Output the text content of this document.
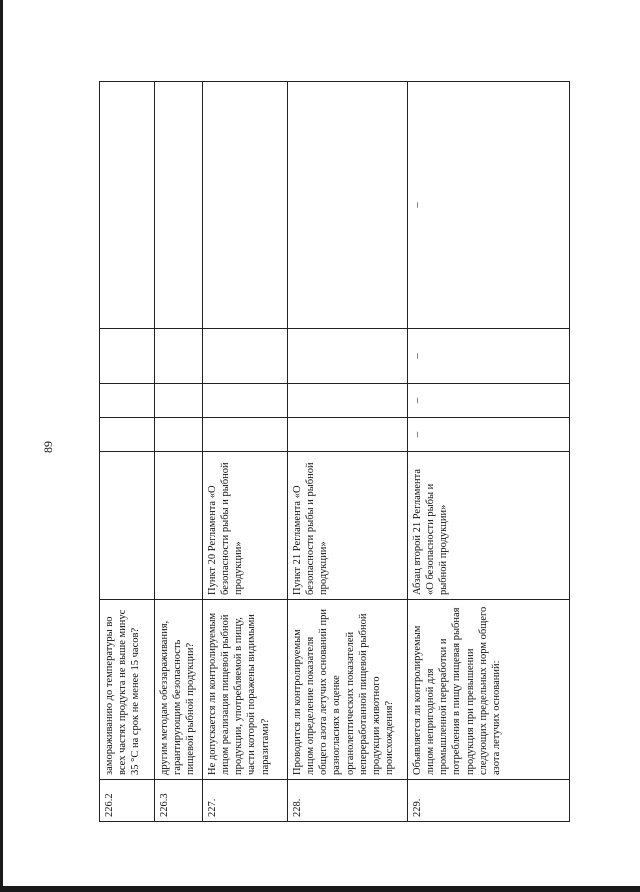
89
226.2	замораживанию до температуры во всех частях продукта не выше минус 35 °С на срок не менее 15 часов?					
226.3	другим методам обеззараживания, гарантирующим безопасность пищевой рыбной продукции?					
227.	Не допускается ли контролируемым лицом реализация пищевой рыбной продукции, употребляемой в пищу, части которой поражены видимыми паразитами?	Пункт 20 Регламента «О безопасности рыбы и рыбной продукции»				
228.	Проводится ли контролируемым лицом определение показателя общего азота летучих оснований при разногласиях в оценке органолептических показателей непереработанной пищевой рыбной продукции животного происхождения?	Пункт 21 Регламента «О безопасности рыбы и рыбной продукции»				
229.	Объявляется ли контролируемым лицом непригодной для промышленной переработки и потребления в пищу пищевая рыбная продукция при превышении следующих предельных норм общего азота летучих оснований:	Абзац второй 21 Регламента «О безопасности рыбы и рыбной продукции»	–	–	–	–
